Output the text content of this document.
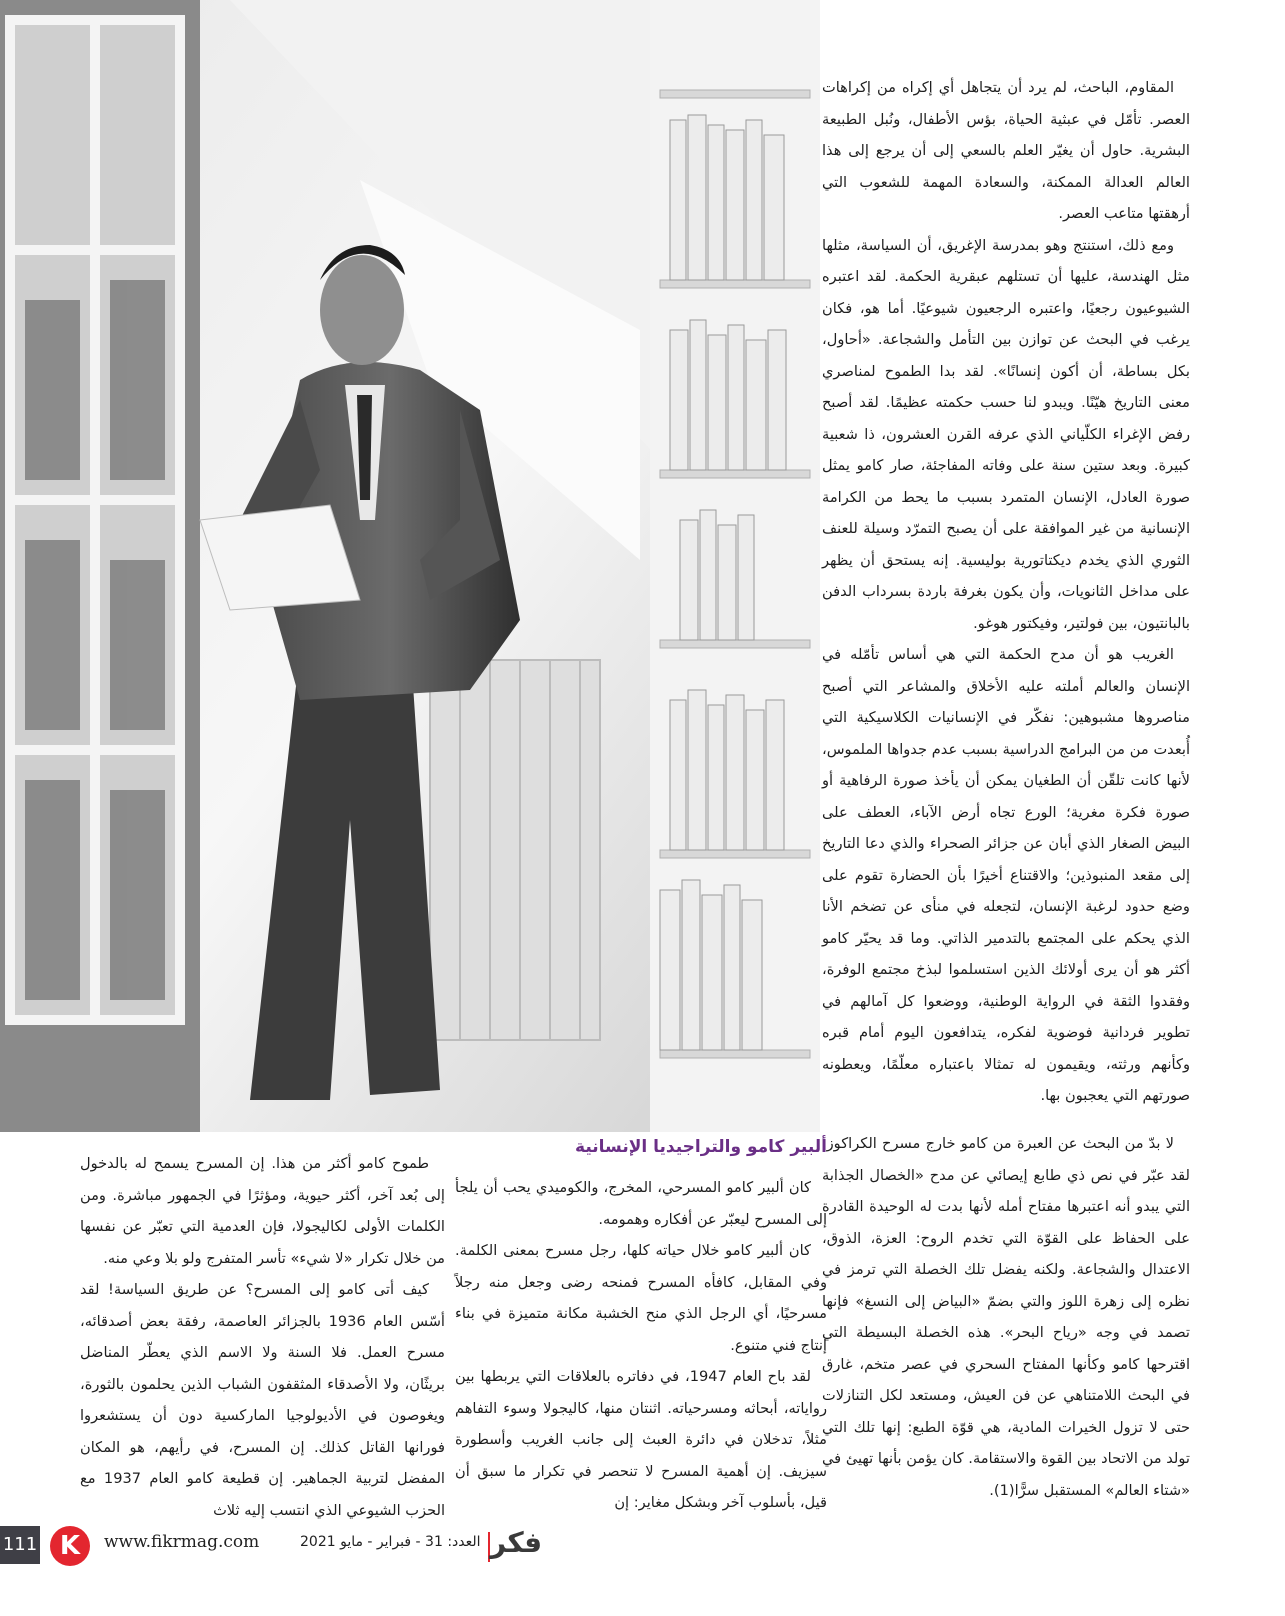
المقاوم، الباحث، لم يرد أن يتجاهل أي إكراه من إكراهات العصر. تأمّل في عبثية الحياة، بؤس الأطفال، ونُبل الطبيعة البشرية. حاول أن يغيّر العلم بالسعي إلى أن يرجع إلى هذا العالم العدالة الممكنة، والسعادة المهمة للشعوب التي أرهقتها متاعب العصر.

ومع ذلك، استنتج وهو بمدرسة الإغريق، أن السياسة، مثلها مثل الهندسة، عليها أن تستلهم عبقرية الحكمة. لقد اعتبره الشيوعيون رجعيًا، واعتبره الرجعيون شيوعيًا. أما هو، فكان يرغب في البحث عن توازن بين التأمل والشجاعة. «أحاول، بكل بساطة، أن أكون إنسانًا». لقد بدا الطموح لمناصري معنى التاريخ هيّنًا. ويبدو لنا حسب حكمته عظيمًا. لقد أصبح رفض الإغراء الكلّياني الذي عرفه القرن العشرون، ذا شعبية كبيرة. وبعد ستين سنة على وفاته المفاجئة، صار كامو يمثل صورة العادل، الإنسان المتمرد بسبب ما يحط من الكرامة الإنسانية من غير الموافقة على أن يصبح التمرّد وسيلة للعنف الثوري الذي يخدم ديكتاتورية بوليسية. إنه يستحق أن يظهر على مداخل الثانويات، وأن يكون بغرفة باردة بسرداب الدفن بالبانتيون، بين فولتير، وفيكتور هوغو.

الغريب هو أن مدح الحكمة التي هي أساس تأمّله في الإنسان والعالم أملته عليه الأخلاق والمشاعر التي أصبح مناصروها مشبوهين: نفكّر في الإنسانيات الكلاسيكية التي أُبعدت من من البرامج الدراسية بسبب عدم جدواها الملموس، لأنها كانت تلقّن أن الطغيان يمكن أن يأخذ صورة الرفاهية أو صورة فكرة مغرية؛ الورع تجاه أرض الآباء، العطف على البيض الصغار الذي أبان عن جزائر الصحراء والذي دعا التاريخ إلى مقعد المنبوذين؛ والاقتناع أخيرًا بأن الحضارة تقوم على وضع حدود لرغبة الإنسان، لتجعله في منأى عن تضخم الأنا الذي يحكم على المجتمع بالتدمير الذاتي. وما قد يحيّر كامو أكثر هو أن يرى أولائك الذين استسلموا لبذخ مجتمع الوفرة، وفقدوا الثقة في الرواية الوطنية، ووضعوا كل آمالهم في تطوير فردانية فوضوية لفكره، يتدافعون اليوم أمام قبره وكأنهم ورثته، ويقيمون له تمثالا باعتباره معلّمًا، ويعطونه صورتهم التي يعجبون بها.

لا بدّ من البحث عن العبرة من كامو خارج مسرح الكراكوز. لقد عبّر في نص ذي طابع إيصائي عن مدح «الخصال الجذابة التي يبدو أنه اعتبرها مفتاح أمله لأنها بدت له الوحيدة القادرة على الحفاظ على القوّة التي تخدم الروح: العزة، الذوق، الاعتدال والشجاعة. ولكنه يفضل تلك الخصلة التي ترمز في نظره إلى زهرة اللوز والتي بضمّ «البياض إلى النسغ» فإنها تصمد في وجه «رياح البحر». هذه الخصلة البسيطة التي اقترحها كامو وكأنها المفتاح السحري في عصر متخم، غارق في البحث اللامتناهي عن فن العيش، ومستعد لكل التنازلات حتى لا تزول الخيرات المادية، هي قوّة الطبع: إنها تلك التي تولد من الاتحاد بين القوة والاستقامة. كان يؤمن بأنها تهيئ في «شتاء العالم» المستقبل سرًّا(1).

ألبير كامو والتراجيديا الإنسانية

كان ألبير كامو المسرحي، المخرج، والكوميدي يحب أن يلجأ إلى المسرح ليعبّر عن أفكاره وهمومه.

كان ألبير كامو خلال حياته كلها، رجل مسرح بمعنى الكلمة. وفي المقابل، كافأه المسرح فمنحه رضى وجعل منه رجلاً مسرحيًا، أي الرجل الذي منح الخشبة مكانة متميزة في بناء إنتاج فني متنوع.

لقد باح العام 1947، في دفاتره بالعلاقات التي يربطها بين رواياته، أبحاثه ومسرحياته. اثنتان منها، كاليجولا وسوء التفاهم مثلاً، تدخلان في دائرة العبث إلى جانب الغريب وأسطورة سيزيف. إن أهمية المسرح لا تنحصر في تكرار ما سبق أن قيل، بأسلوب آخر وبشكل مغاير: إن

طموح كامو أكثر من هذا. إن المسرح يسمح له بالدخول إلى بُعد آخر، أكثر حيوية، ومؤثرًا في الجمهور مباشرة. ومن الكلمات الأولى لكاليجولا، فإن العدمية التي تعبّر عن نفسها من خلال تكرار «لا شيء» تأسر المتفرج ولو بلا وعي منه.

كيف أتى كامو إلى المسرح؟ عن طريق السياسة! لقد أسّس العام 1936 بالجزائر العاصمة، رفقة بعض أصدقائه، مسرح العمل. فلا السنة ولا الاسم الذي يعطّر المناضل بريثًان، ولا الأصدقاء المثقفون الشباب الذين يحلمون بالثورة، ويغوصون في الأديولوجيا الماركسية دون أن يستشعروا فورانها القاتل كذلك. إن المسرح، في رأيهم، هو المكان المفضل لتربية الجماهير. إن قطيعة كامو العام 1937 مع الحزب الشيوعي الذي انتسب إليه ثلاث

111 K	www.fikrmag.com	العدد: 31 - فبراير - مايو 2021 فكر
